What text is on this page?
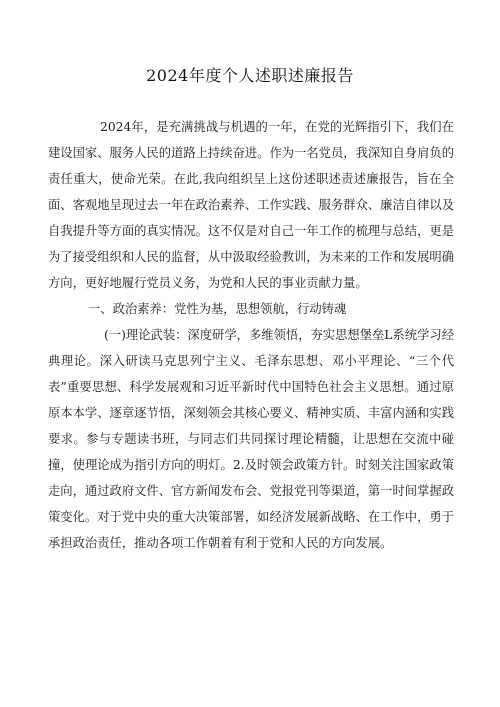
2024年度个人述职述廉报告

2024年，是充满挑战与机遇的一年，在党的光辉指引下，我们在建设国家、服务人民的道路上持续奋进。作为一名党员，我深知自身肩负的责任重大，使命光荣。在此,我向组织呈上这份述职述责述廉报告，旨在全面、客观地呈现过去一年在政治素养、工作实践、服务群众、廉洁自律以及自我提升等方面的真实情况。这不仅是对自己一年工作的梳理与总结，更是为了接受组织和人民的监督，从中汲取经验教训，为未来的工作和发展明确方向，更好地履行党员义务，为党和人民的事业贡献力量。

一、政治素养：党性为基，思想领航，行动铸魂

(一)理论武装：深度研学，多维领悟，夯实思想堡垒L系统学习经典理论。深入研读马克思列宁主义、毛泽东思想、邓小平理论、“三个代表”重要思想、科学发展观和习近平新时代中国特色社会主义思想。通过原原本本学、逐章逐节悟，深刻领会其核心要义、精神实质、丰富内涵和实践要求。参与专题读书班，与同志们共同探讨理论精髓，让思想在交流中碰撞，使理论成为指引方向的明灯。2.及时领会政策方针。时刻关注国家政策走向，通过政府文件、官方新闻发布会、党报党刊等渠道，第一时间掌握政策变化。对于党中央的重大决策部署，如经济发展新战略、在工作中，勇于承担政治责任，推动各项工作朝着有利于党和人民的方向发展。
